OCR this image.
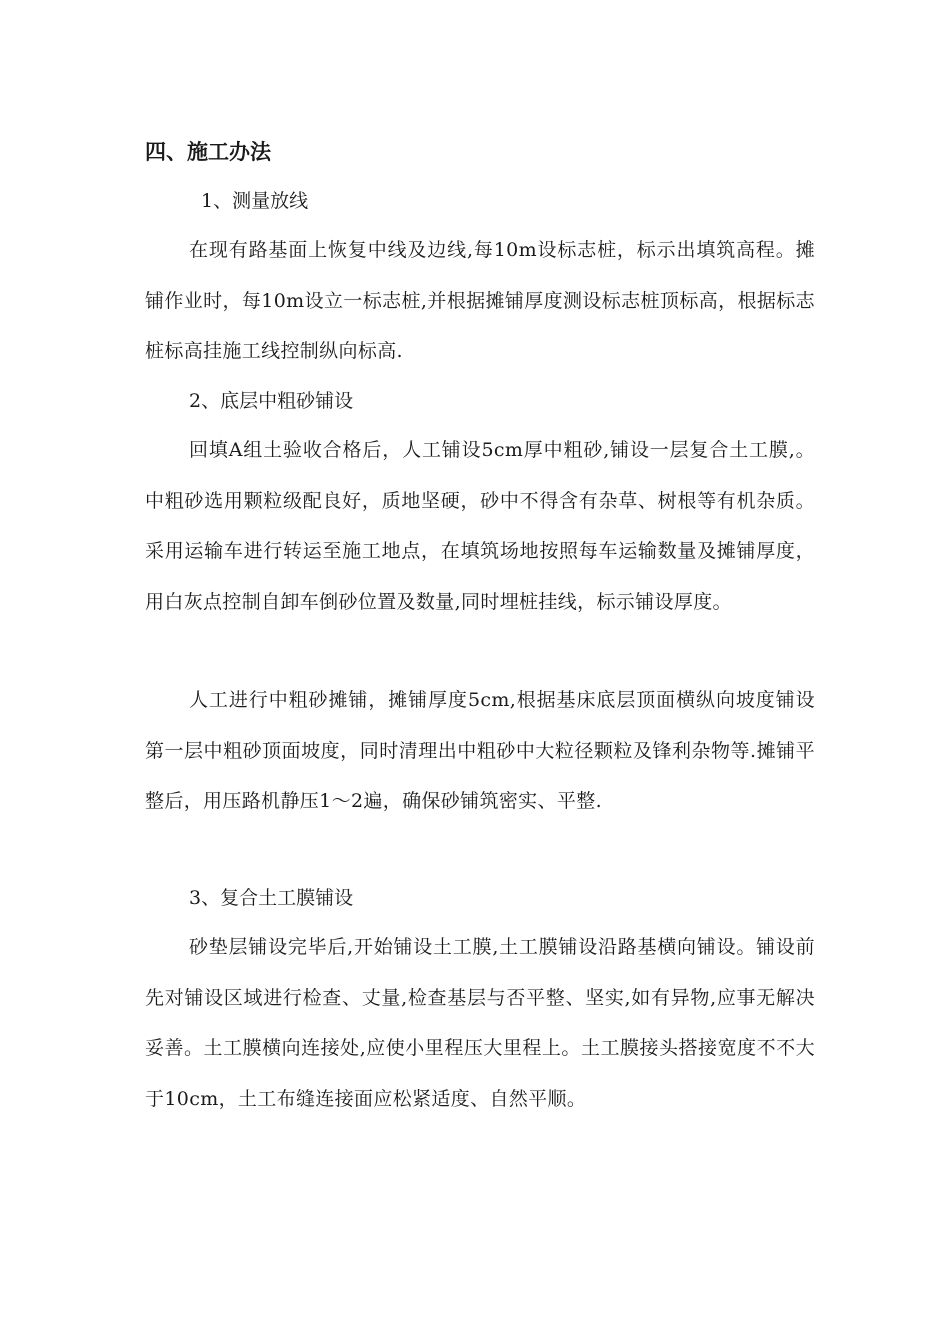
四、施工办法
1、测量放线

在现有路基面上恢复中线及边线,每10m设标志桩，标示出填筑高程。摊铺作业时，每10m设立一标志桩,并根据摊铺厚度测设标志桩顶标高，根据标志桩标高挂施工线控制纵向标高.

2、底层中粗砂铺设

回填A组土验收合格后，人工铺设5cm厚中粗砂,铺设一层复合土工膜,。中粗砂选用颗粒级配良好，质地坚硬，砂中不得含有杂草、树根等有机杂质。 采用运输车进行转运至施工地点，在填筑场地按照每车运输数量及摊铺厚度，用白灰点控制自卸车倒砂位置及数量,同时埋桩挂线，标示铺设厚度。

人工进行中粗砂摊铺，摊铺厚度5cm,根据基床底层顶面横纵向坡度铺设第一层中粗砂顶面坡度，同时清理出中粗砂中大粒径颗粒及锋利杂物等.摊铺平整后，用压路机静压1～2遍，确保砂铺筑密实、平整.

3、复合土工膜铺设

砂垫层铺设完毕后,开始铺设土工膜,土工膜铺设沿路基横向铺设。铺设前先对铺设区域进行检查、丈量,检查基层与否平整、坚实,如有异物,应事无解决妥善。土工膜横向连接处,应使小里程压大里程上。土工膜接头搭接宽度不不大于10cm，土工布缝连接面应松紧适度、自然平顺。
